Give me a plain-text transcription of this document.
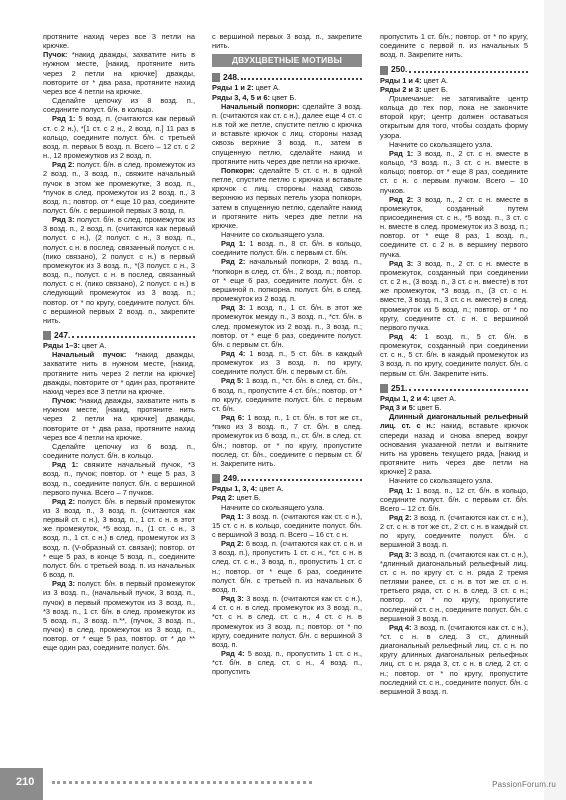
протяните нахид через все 3 петли на крючке.

Пучок: *накид дважды, захватите нить в нужном месте, [накид, протяните нить через 2 петли на крючке] дважды, повторите от * два раза, протяните нахид через все 4 петли на крючке.

Сделайте цепочку из 8 возд. п., соедините полуст. б/н. в кольцо.

Ряд 1: 5 возд. п. (считаются как первый ст. с 2 н.), *[1 ст. с 2 н., 2 возд. п.] 11 раз в кольцо, соедините полуст. б/н. с третьей возд. п. первых 5 возд. п. Всего – 12 ст. с 2 н., 12 промежутков из 2 возд. п.

Ряд 2: полуст. б/н. в след. промежуток из 2 возд. п., 3 возд. п., свяжите начальный пучок в этом же промежутке, 3 возд. п., *пучок в след. промежуток из 2 возд. п., 3 возд. п.; повтор. от * еще 10 раз, соедините полуст. б/н. с вершиной первых 3 возд. п.

Ряд 3: полуст. б/н. в след. промежуток из 3 возд. п., 2 возд. п. (считаются как первый полуст. с н.), (2 полуст. с н., 3 возд. п., полуст. с н. в послед. связанный полуст. с н. (пико связано), 2 полуст. с н.) в первый промежуток из 3 возд. п., *(3 полуст. с н., 3 возд. п., полуст. с н. в послед. связанный полуст. с н. (пико связано), 2 полуст. с н.) в следующий промежуток из 3 возд. п.; повтор. от * по кругу, соедините полуст. б/н. с вершиной первых 2 возд. п., закрепите нить.

247.

Ряды 1–3: цвет А.

Начальный пучок: *накид дважды, захватите нить в нужном месте, [накид, протяните нить через 2 петли на крючке] дважды, повторите от * один раз, протяните нахид через все 3 петли на крючке.

Пучок: *накид дважды, захватите нить в нужном месте, [накид, протяните нить через 2 петли на крючке] дважды, повторите от * два раза, протяните нахид через все 4 петли на крючке.

Сделайте цепочку из 6 возд. п., соедините полуст. б/н. в кольцо.

Ряд 1: свяжите начальный пучок, *3 возд. п., пучок; повтор. от * еще 5 раз, 3 возд. п., соедините полуст. б/н. с вершиной первого пучка. Всего – 7 пучков.

Ряд 2: полуст. б/н. в первый промежуток из 3 возд. п., 3 возд. п. (считаются как первый ст. с н.), 3 возд. п., 1 ст. с н. в этот же промежуток, *5 возд. п., (1 ст. с н., 3 возд. п., 1 ст. с н.) в след. промежуток из 3 возд. п. (V-образный ст. связан); повтор. от * еще 5 раз, в конце 5 возд. п., соедините полуст. б/н. с третьей возд. п. из начальных 6 возд. п.

Ряд 3: полуст. б/н. в первый промежуток из 3 возд. п., (начальный пучок, 3 возд. п., пучок) в первый промежуток из 3 возд. п., *3 возд. п., 1 ст. б/н. в след. промежуток из 5 возд. п., 3 возд. п.**, (пучок, 3 возд. п., пучок) в след. промежуток из 3 возд. п., повтор. от * еще 5 раз, повтор. от * до ** еще один раз, соедините полуст. б/н.

с вершиной первых 3 возд. п., закрепите нить.

ДВУХЦВЕТНЫЕ МОТИВЫ
248.

Ряды 1 и 2: цвет А.

Ряды 3, 4, 5 и 6: цвет Б.

Начальный попкорн: сделайте 3 возд. п. (считаются как ст. с н.), далее еще 4 ст. с н.в той же петле, спустите петлю с крючка и вставьте крючок с лиц. стороны назад сквозь верхние 3 возд. п., затем в спущенную петлю, сделайте накид и протяните нить через две петли на крючке.

Попкорн: сделайте 5 ст. с н. в одной петле, спустите петлю с крючка и вставьте крючок с лиц. стороны назад сквозь верхнюю из первых петель узора попкорн, затем в спущенную петлю, сделайте накид и протяните нить через две петли на крючке.

Начните со скользящего узла.

Ряд 1: 1 возд. п., 8 ст. б/н. в кольцо, соедините полуст. б/н. с первым ст. б/н.

Ряд 2: начальный попкорн, 2 возд. п., *попкорн в след. ст. б/н., 2 возд. п.; повтор. от * еще 6 раз, соедините полуст. б/н. с вершиной п. попкорна. полуст. б/н. в след. промежуток из 2 возд. п.

Ряд 3: 1 возд. п., 1 ст. б/н. в этот же промежуток между п., 3 возд. п., *ст. б/н. в след. промежуток из 2 возд. п., 3 возд. п.; повтор. от * еще 6 раз, соедините полуст. б/н. с первым ст. б/н.

Ряд 4: 1 возд. п., 5 ст. б/н. в каждый промежуток из 3 возд. п. по кругу, соедините полуст. б/н. с первым ст. б/н.

Ряд 5: 1 возд. п., *ст. б/н. в след. ст. б/н., 6 возд. п., пропустите 4 ст. б/н.; повтор. от * по кругу, соедините полуст. б/н. с первым ст. б/н.

Ряд 6: 1 возд. п., 1 ст. б/н. в тот же ст., *пико из 3 возд. п., 7 ст. б/н. в след. промежуток из 6 возд. п., ст. б/н. в след. ст. б/н.; повтор. от * по кругу, пропустите послед. ст. б/н., соедините с первым ст. б/н. Закрепите нить.

249.

Ряды 1, 3, 4: цвет А.

Ряд 2: цвет Б.

Начните со скользящего узла.

Ряд 1: 3 возд. п. (считаются как ст. с н.), 15 ст. с н. в кольцо, соедините полуст. б/н. с вершиной 3 возд. п. Всего – 16 ст. с н.

Ряд 2: 6 возд. п. (считаются как ст. с н. и 3 возд. п.), пропустить 1 ст. с н., *ст. с н. в след. ст. с н., 3 возд. п., пропустить 1 ст. с н.; повтор. от * еще 6 раз, соедините полуст. б/н. с третьей п. из начальных 6 возд. п.

Ряд 3: 3 возд. п. (считаются как ст. с н.), 4 ст. с н. в след. промежуток из 3 возд. п., *ст. с н. в след. ст. с н., 4 ст. с н. в промежуток из 3 возд. п.; повтор. от * по кругу, соедините полуст. б/н. с вершиной 3 возд. п.

Ряд 4: 5 возд. п., пропустить 1 ст. с н., *ст. б/н. в след. ст. с н., 4 возд. п., пропустить

пропустить 1 ст. б/н.; повтор. от * по кругу, соедините с первой п. из начальных 5 возд. п. Закрепите нить.

250.

Ряды 1 и 4: цвет А.

Ряды 2 и 3: цвет Б.

Примечание: не затягивайте центр кольца до тех пор, пока не закончите второй круг; центр должен оставаться открытым для того, чтобы создать форму узора.

Начните со скользящего узла.

Ряд 1: 3 возд. п., 2 ст. с н. вместе в кольцо, *3 возд. п., 3 ст. с н. вместе в кольцо; повтор. от * еще 8 раз, соедините ст. с н. с первым пучком. Всего – 10 пучков.

Ряд 2: 3 возд. п., 2 ст. с н. вместе в промежуток, созданный путем присоединения ст. с н., *5 возд. п., 3 ст. с н. вместе в след. промежуток из 3 возд. п.; повтор. от * еще 8 раз, 1 возд. п., соедините ст. с 2 н. в вершину первого пучка.

Ряд 3: 3 возд. п., 2 ст. с н. вместе в промежуток, созданный при соединении ст. с 2 н., (3 возд. п., 3 ст. с н. вместе) в тот же промежуток, *3 возд. п., (3 ст. с н. вместе, 3 возд. п., 3 ст. с н. вместе) в след. промежуток из 5 возд. п.; повтор. от * по кругу, соедините ст. с н. с вершиной первого пучка.

Ряд 4: 1 возд. п., 5 ст. б/н. в промежуток, созданный при соединении ст. с н., 5 ст. б/н. в каждый промежуток из 3 возд. п. по кругу, соедините полуст. б/н. с первым ст. б/н. Закрепите нить.

251.

Ряды 1, 2 и 4: цвет А.

Ряд 3 и 5: цвет Б.

Длинный диагональный рельефный лиц. ст. с н.: накид, вставьте крючок спереди назад и снова вперед вокруг основания указанной петли и вытяните нить на уровень текущего ряда, [накид и протяните нить через две петли на крючке] 2 раза.

Начните со скользящего узла.

Ряд 1: 1 возд. п., 12 ст. б/н. в кольцо, соедините полуст. б/н. с первым ст. б/н. Всего – 12 ст. б/н.

Ряд 2: 3 возд. п. (считаются как ст. с н.), 2 ст. с н. в тот же ст., 2 ст. с н. в каждый ст. по кругу, соедините полуст. б/н. с вершиной 3 возд. п.

Ряд 3: 3 возд. п. (считаются как ст. с н.), *длинный диагональный рельефный лиц. ст. с н. по кругу ст. с н. ряда 2 тремя петлями ранее, ст. с н. в тот же ст. с н. третьего ряда, ст. с н. в след. 3 ст. с н.; повтор. от * по кругу, пропустите последний ст. с н., соедините полуст. б/н. с вершиной 3 возд. п.

Ряд 4: 3 возд. п. (считаются как ст. с н.), *ст. с н. в след. 3 ст., длинный диагональный рельефный лиц. ст. с н. по кругу длинных диагональных рельефных лиц. ст. с н. ряда 3, ст. с н. в след. 2 ст. с н.; повтор. от * по кругу, пропустите последний ст. с н., соедините полуст. б/н. с вершиной 3 возд. п.

210	PassionForum.ru
